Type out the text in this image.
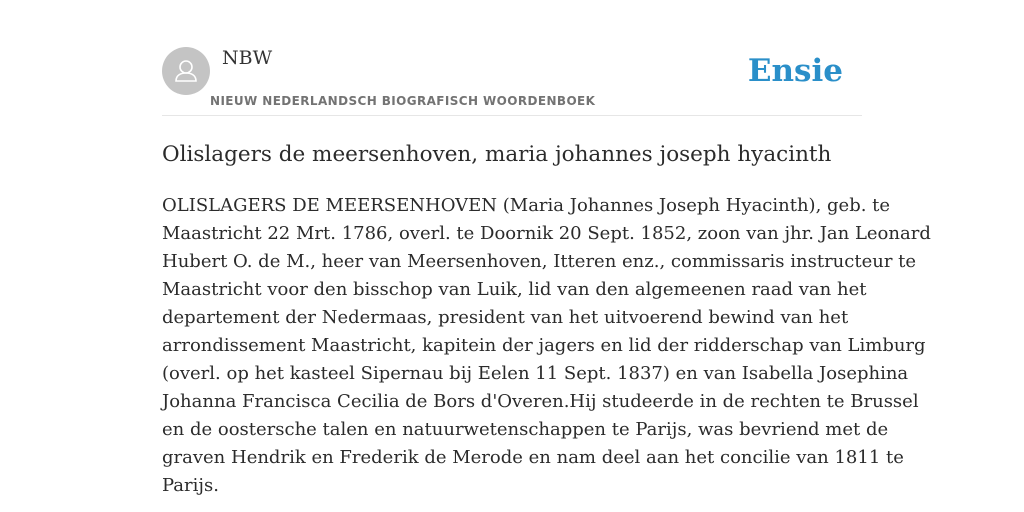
NBW
NIEUW NEDERLANDSCH BIOGRAFISCH WOORDENBOEK
Ensie
Olislagers de meersenhoven, maria johannes joseph hyacinth
OLISLAGERS DE MEERSENHOVEN (Maria Johannes Joseph Hyacinth), geb. te
Maastricht 22 Mrt. 1786, overl. te Doornik 20 Sept. 1852, zoon van jhr. Jan Leonard
Hubert O. de M., heer van Meersenhoven, Itteren enz., commissaris instructeur te
Maastricht voor den bisschop van Luik, lid van den algemeenen raad van het
departement der Nedermaas, president van het uitvoerend bewind van het
arrondissement Maastricht, kapitein der jagers en lid der ridderschap van Limburg
(overl. op het kasteel Sipernau bij Eelen 11 Sept. 1837) en van Isabella Josephina
Johanna Francisca Cecilia de Bors d'Overen.Hij studeerde in de rechten te Brussel
en de oostersche talen en natuurwetenschappen te Parijs, was bevriend met de
graven Hendrik en Frederik de Merode en nam deel aan het concilie van 1811 te
Parijs.
